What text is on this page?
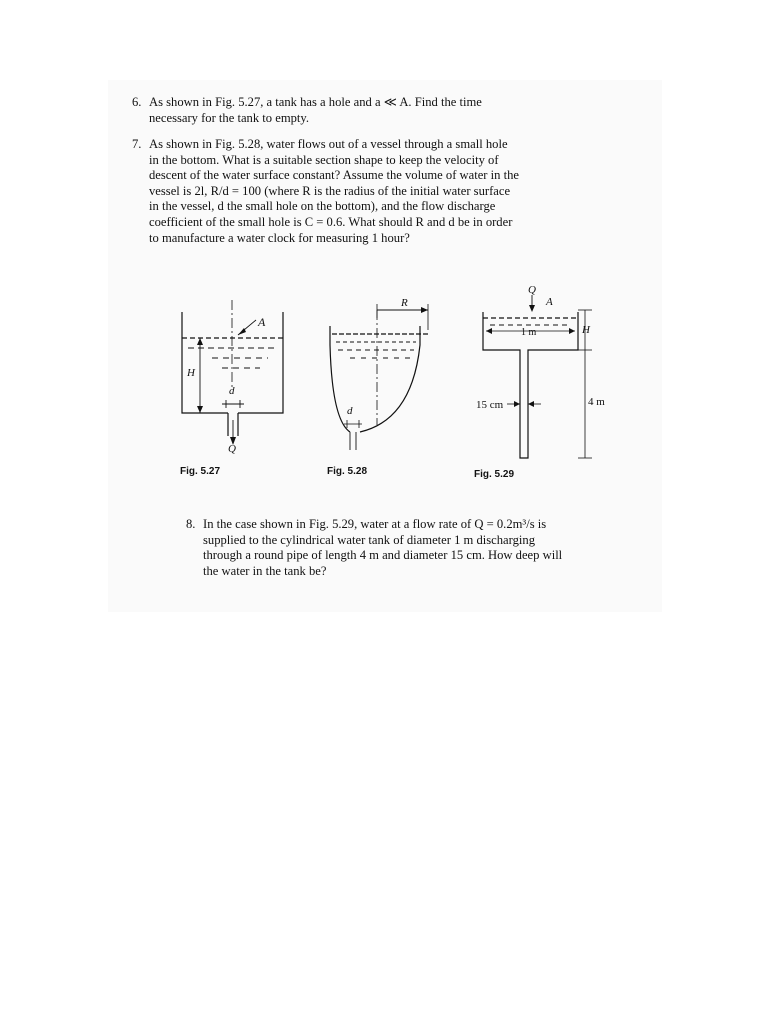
6. As shown in Fig. 5.27, a tank has a hole and a ≪ A. Find the time
necessary for the tank to empty.
7. As shown in Fig. 5.28, water flows out of a vessel through a small hole
in the bottom. What is a suitable section shape to keep the velocity of
descent of the water surface constant? Assume the volume of water in the
vessel is 2l, R/d = 100 (where R is the radius of the initial water surface
in the vessel, d the small hole on the bottom), and the flow discharge
coefficient of the small hole is C = 0.6. What should R and d be in order
to manufacture a water clock for measuring 1 hour?
A
H
d
Q
Fig. 5.27
R
d
Fig. 5.28
Q
A
1 m	H
15 cm	4 m
Fig. 5.29
8. In the case shown in Fig. 5.29, water at a flow rate of Q = 0.2m³/s is
supplied to the cylindrical water tank of diameter 1 m discharging
through a round pipe of length 4 m and diameter 15 cm. How deep will
the water in the tank be?
